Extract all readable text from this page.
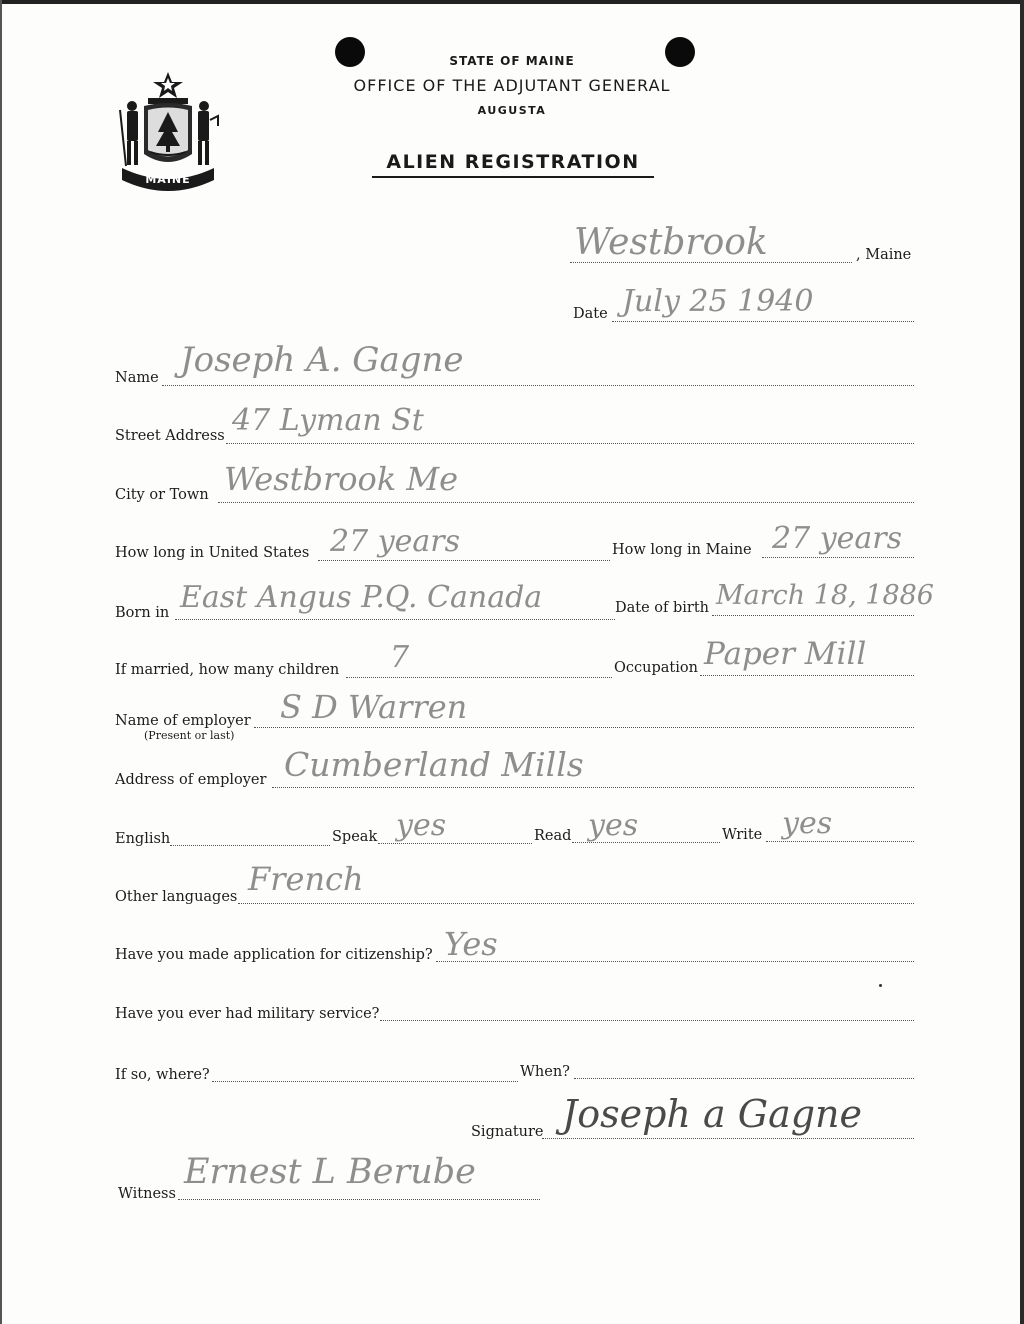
MAINE
STATE OF MAINE
OFFICE OF THE ADJUTANT GENERAL
AUGUSTA
ALIEN REGISTRATION
Westbrook	, Maine
Date July 25 1940
Name Joseph A. Gagne
Street Address 47 Lyman St
City or Town Westbrook Me
How long in United States 27 years	How long in Maine 27 years
Born in East Angus P.Q. Canada	Date of birth March 18, 1886
If married, how many children 7	Occupation Paper Mill
Name of employer
(Present or last)
S D Warren
Address of employer Cumberland Mills
English	Speak yes	Read yes	Write yes
Other languages French
Have you made application for citizenship? Yes
Have you ever had military service?
If so, where?	When?
Signature Joseph a Gagne
Witness
Ernest L Berube
